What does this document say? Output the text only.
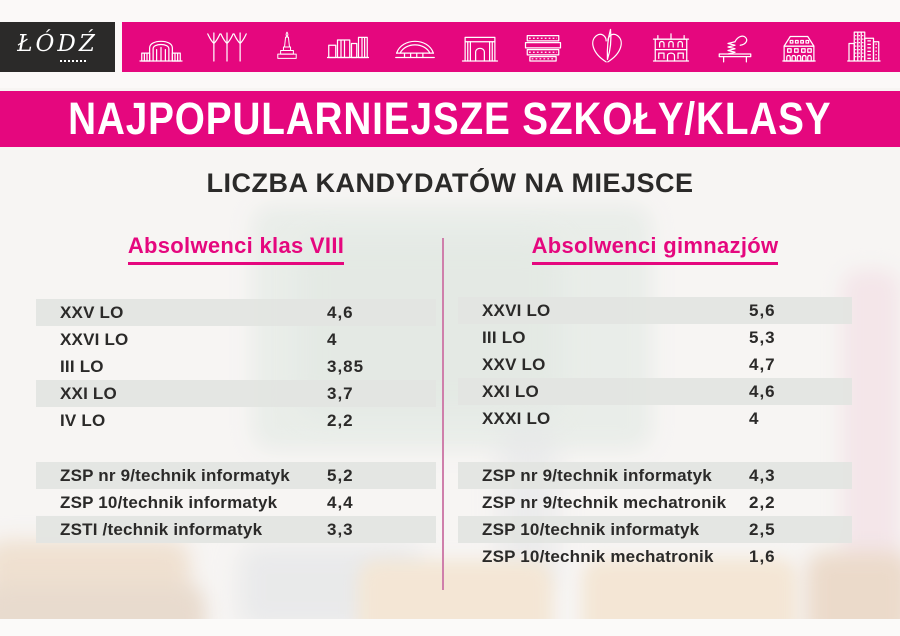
ŁÓDŹ
NAJPOPULARNIEJSZE SZKOŁY/KLASY
LICZBA KANDYDATÓW NA MIEJSCE
Absolwenci klas VIII	Absolwenci gimnazjów
XXV LO	4,6
XXVI LO	4
III LO	3,85
XXI LO	3,7
IV LO	2,2
ZSP nr 9/technik informatyk 5,2
ZSP 10/technik informatyk	4,4
ZSTI /technik informatyk	3,3
XXVI LO	5,6
III LO	5,3
XXV LO	4,7
XXI LO	4,6
XXXI LO	4
ZSP nr 9/technik informatyk 4,3
ZSP nr 9/technik mechatronik 2,2
ZSP 10/technik informatyk	2,5
ZSP 10/technik mechatronik 1,6
